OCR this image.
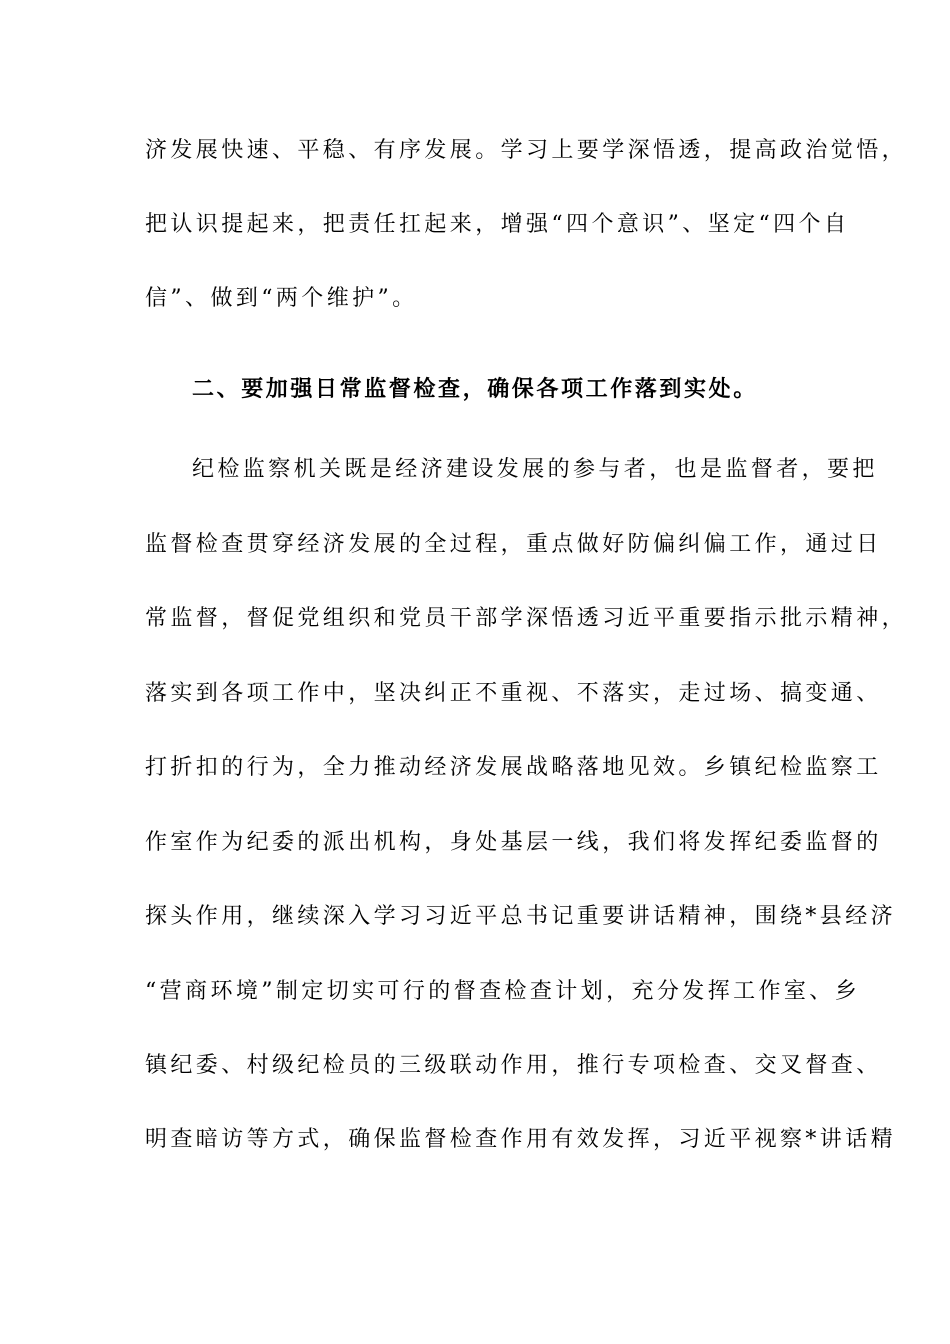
济发展快速、平稳、有序发展。学习上要学深悟透，提高政治觉悟，
把认识提起来，把责任扛起来，增强“四个意识”、坚定“四个自
信”、做到“两个维护”。
二、要加强日常监督检查，确保各项工作落到实处。
纪检监察机关既是经济建设发展的参与者，也是监督者，要把
监督检查贯穿经济发展的全过程，重点做好防偏纠偏工作，通过日
常监督，督促党组织和党员干部学深悟透习近平重要指示批示精神，
落实到各项工作中，坚决纠正不重视、不落实，走过场、搞变通、
打折扣的行为，全力推动经济发展战略落地见效。乡镇纪检监察工
作室作为纪委的派出机构，身处基层一线，我们将发挥纪委监督的
探头作用，继续深入学习习近平总书记重要讲话精神，围绕*县经济
“营商环境”制定切实可行的督查检查计划，充分发挥工作室、乡
镇纪委、村级纪检员的三级联动作用，推行专项检查、交叉督查、
明查暗访等方式，确保监督检查作用有效发挥，习近平视察*讲话精
